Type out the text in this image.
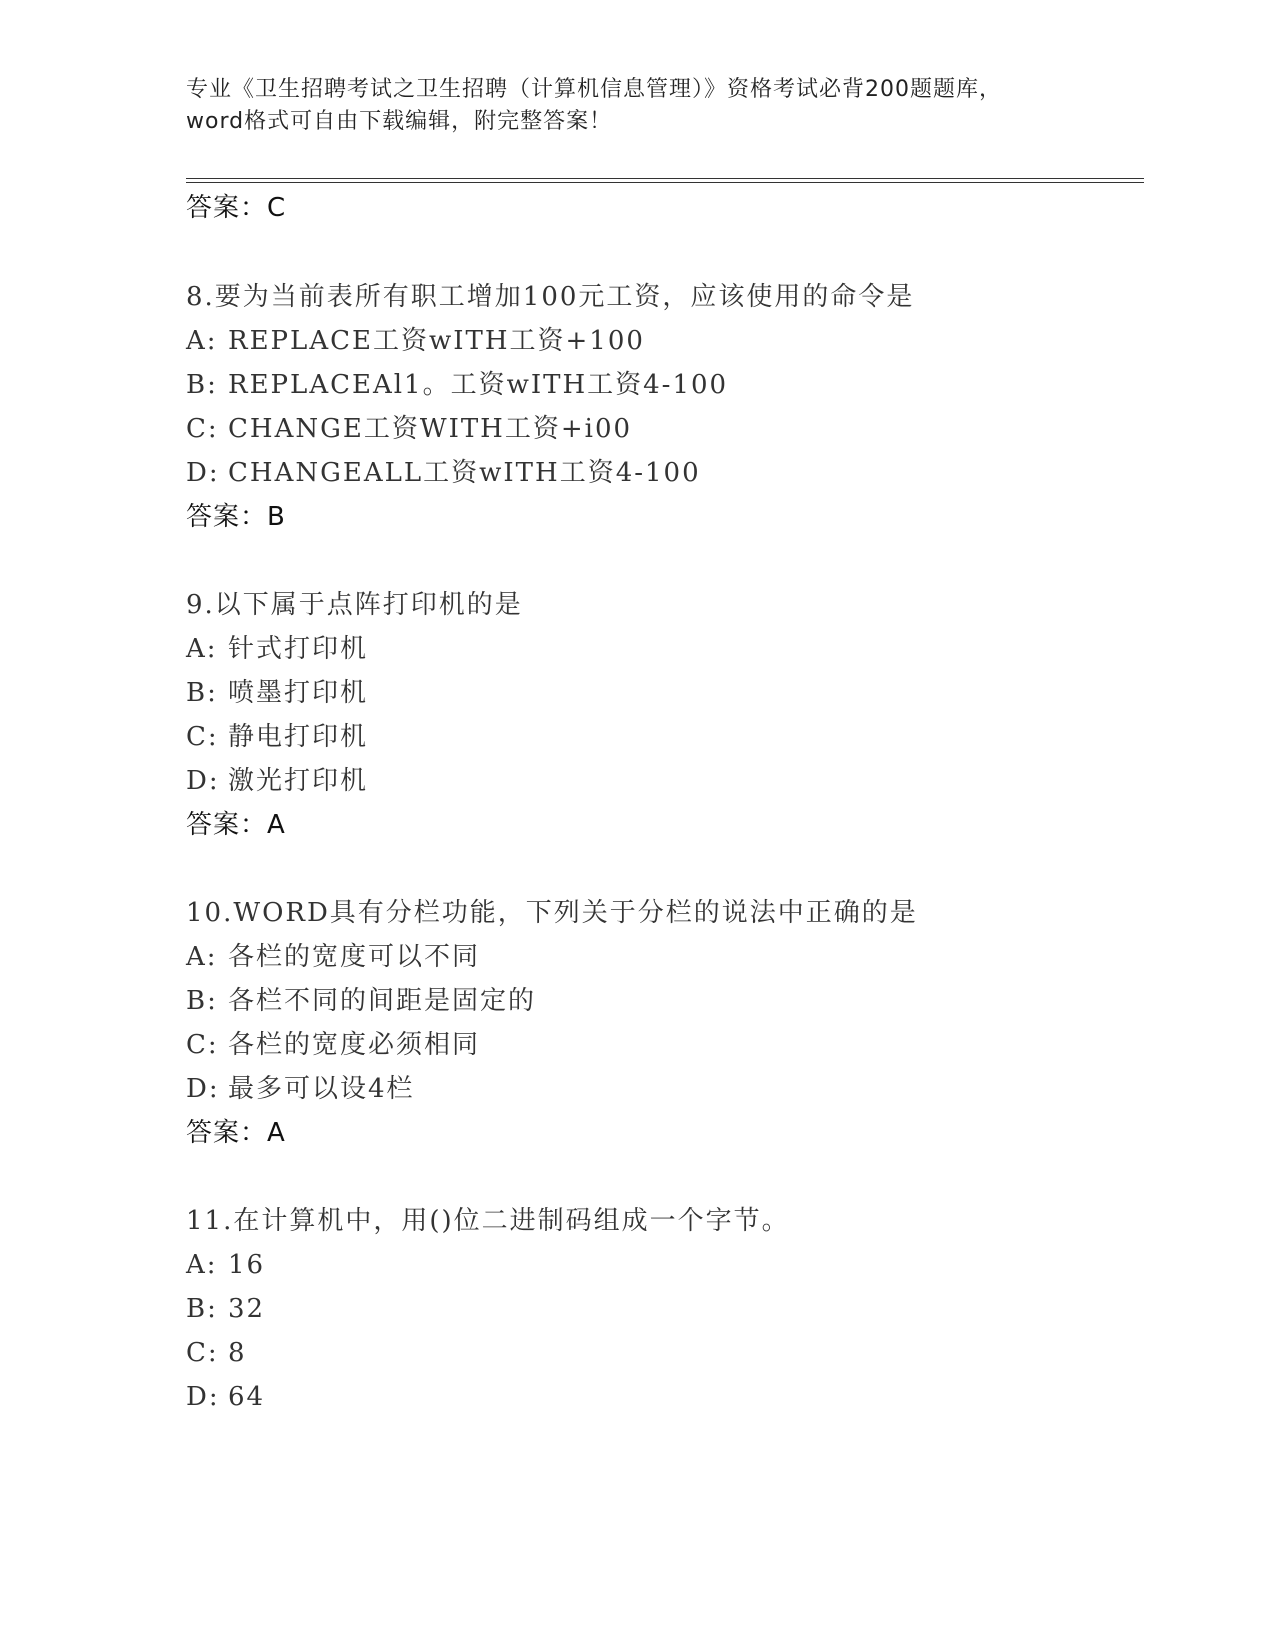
专业《卫生招聘考试之卫生招聘（计算机信息管理）》资格考试必背200题题库，
word格式可自由下载编辑，附完整答案！
答案：C
8.要为当前表所有职工增加100元工资，应该使用的命令是
A: REPLACE工资wITH工资+100
B: REPLACEAl1。工资wITH工资4-100
C: CHANGE工资WITH工资+i00
D: CHANGEALL工资wITH工资4-100
答案：B
9.以下属于点阵打印机的是
A: 针式打印机
B: 喷墨打印机
C: 静电打印机
D: 激光打印机
答案：A
10.WORD具有分栏功能，下列关于分栏的说法中正确的是
A: 各栏的宽度可以不同
B: 各栏不同的间距是固定的
C: 各栏的宽度必须相同
D: 最多可以设4栏
答案：A
11.在计算机中，用()位二进制码组成一个字节。
A: 16
B: 32
C: 8
D: 64
